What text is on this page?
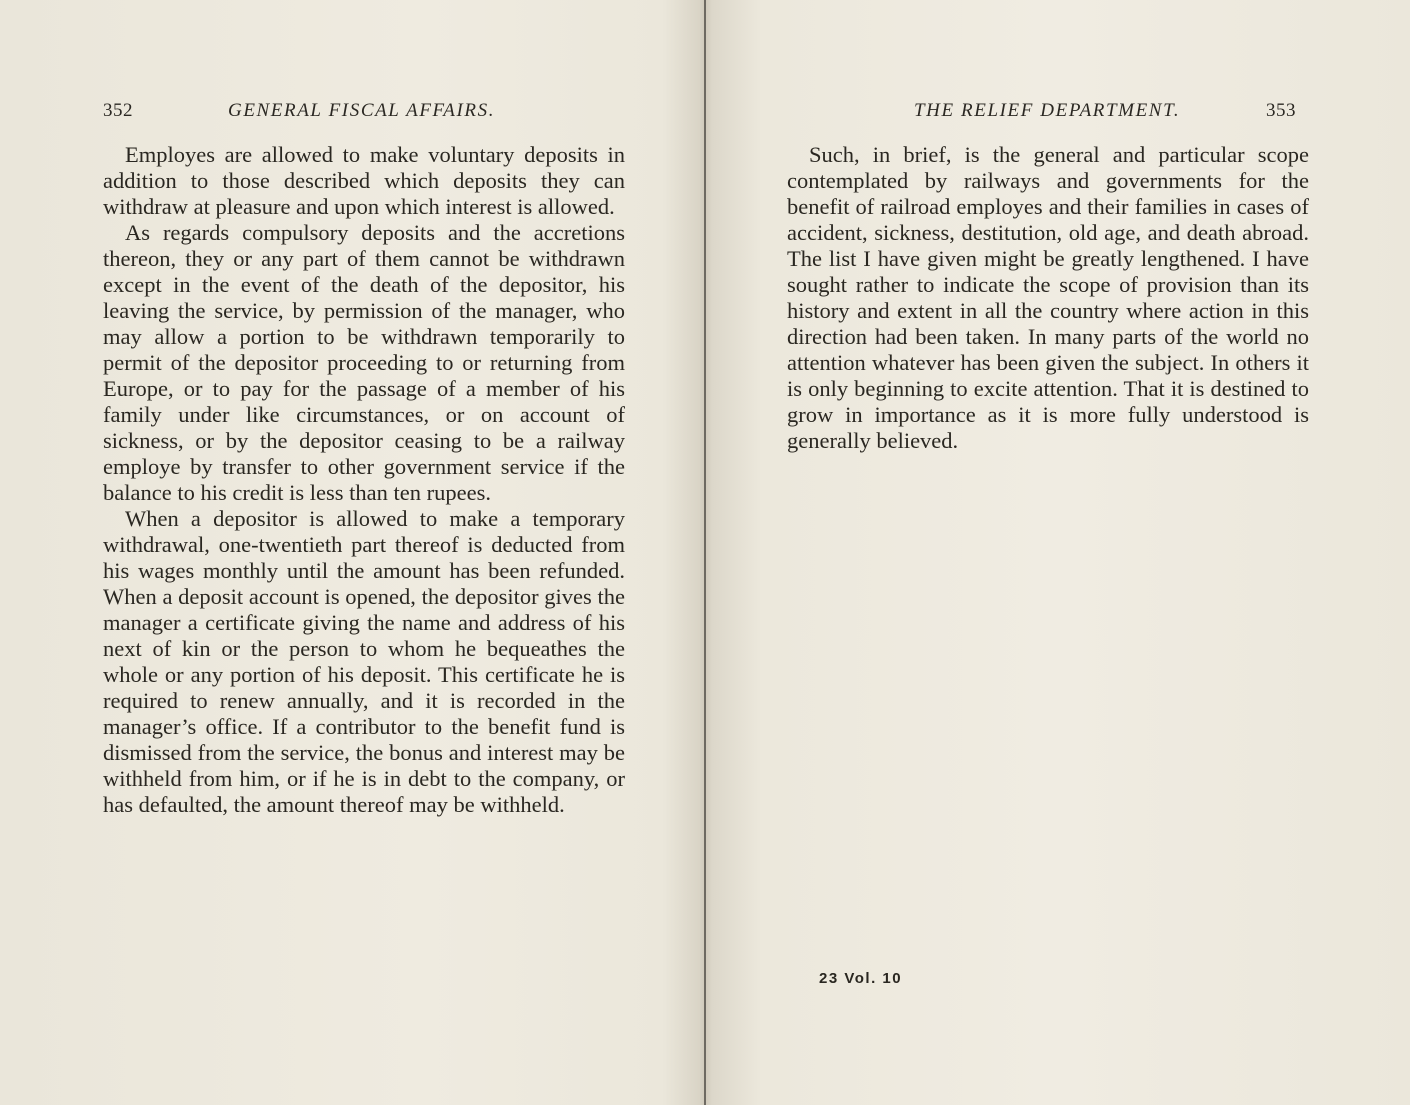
352	GENERAL FISCAL AFFAIRS.

Employes are allowed to make voluntary deposits in addition to those described which deposits they can withdraw at pleasure and upon which interest is allowed.

As regards compulsory deposits and the accretions thereon, they or any part of them cannot be withdrawn except in the event of the death of the depositor, his leaving the service, by permission of the manager, who may allow a portion to be withdrawn temporarily to permit of the depositor proceeding to or returning from Europe, or to pay for the passage of a member of his family under like circumstances, or on account of sickness, or by the depositor ceasing to be a railway employe by transfer to other government service if the balance to his credit is less than ten rupees.

When a depositor is allowed to make a temporary withdrawal, one-twentieth part thereof is deducted from his wages monthly until the amount has been refunded. When a deposit account is opened, the depositor gives the manager a certificate giving the name and address of his next of kin or the person to whom he bequeathes the whole or any portion of his deposit. This certificate he is required to renew annually, and it is recorded in the manager’s office. If a contributor to the benefit fund is dismissed from the service, the bonus and interest may be withheld from him, or if he is in debt to the company, or has defaulted, the amount thereof may be withheld.

THE RELIEF DEPARTMENT.	353

Such, in brief, is the general and particular scope contemplated by railways and governments for the benefit of railroad employes and their families in cases of accident, sickness, destitution, old age, and death abroad. The list I have given might be greatly lengthened. I have sought rather to indicate the scope of provision than its history and extent in all the country where action in this direction had been taken. In many parts of the world no attention whatever has been given the subject. In others it is only beginning to excite attention. That it is destined to grow in importance as it is more fully understood is generally believed.

23 Vol. 10
